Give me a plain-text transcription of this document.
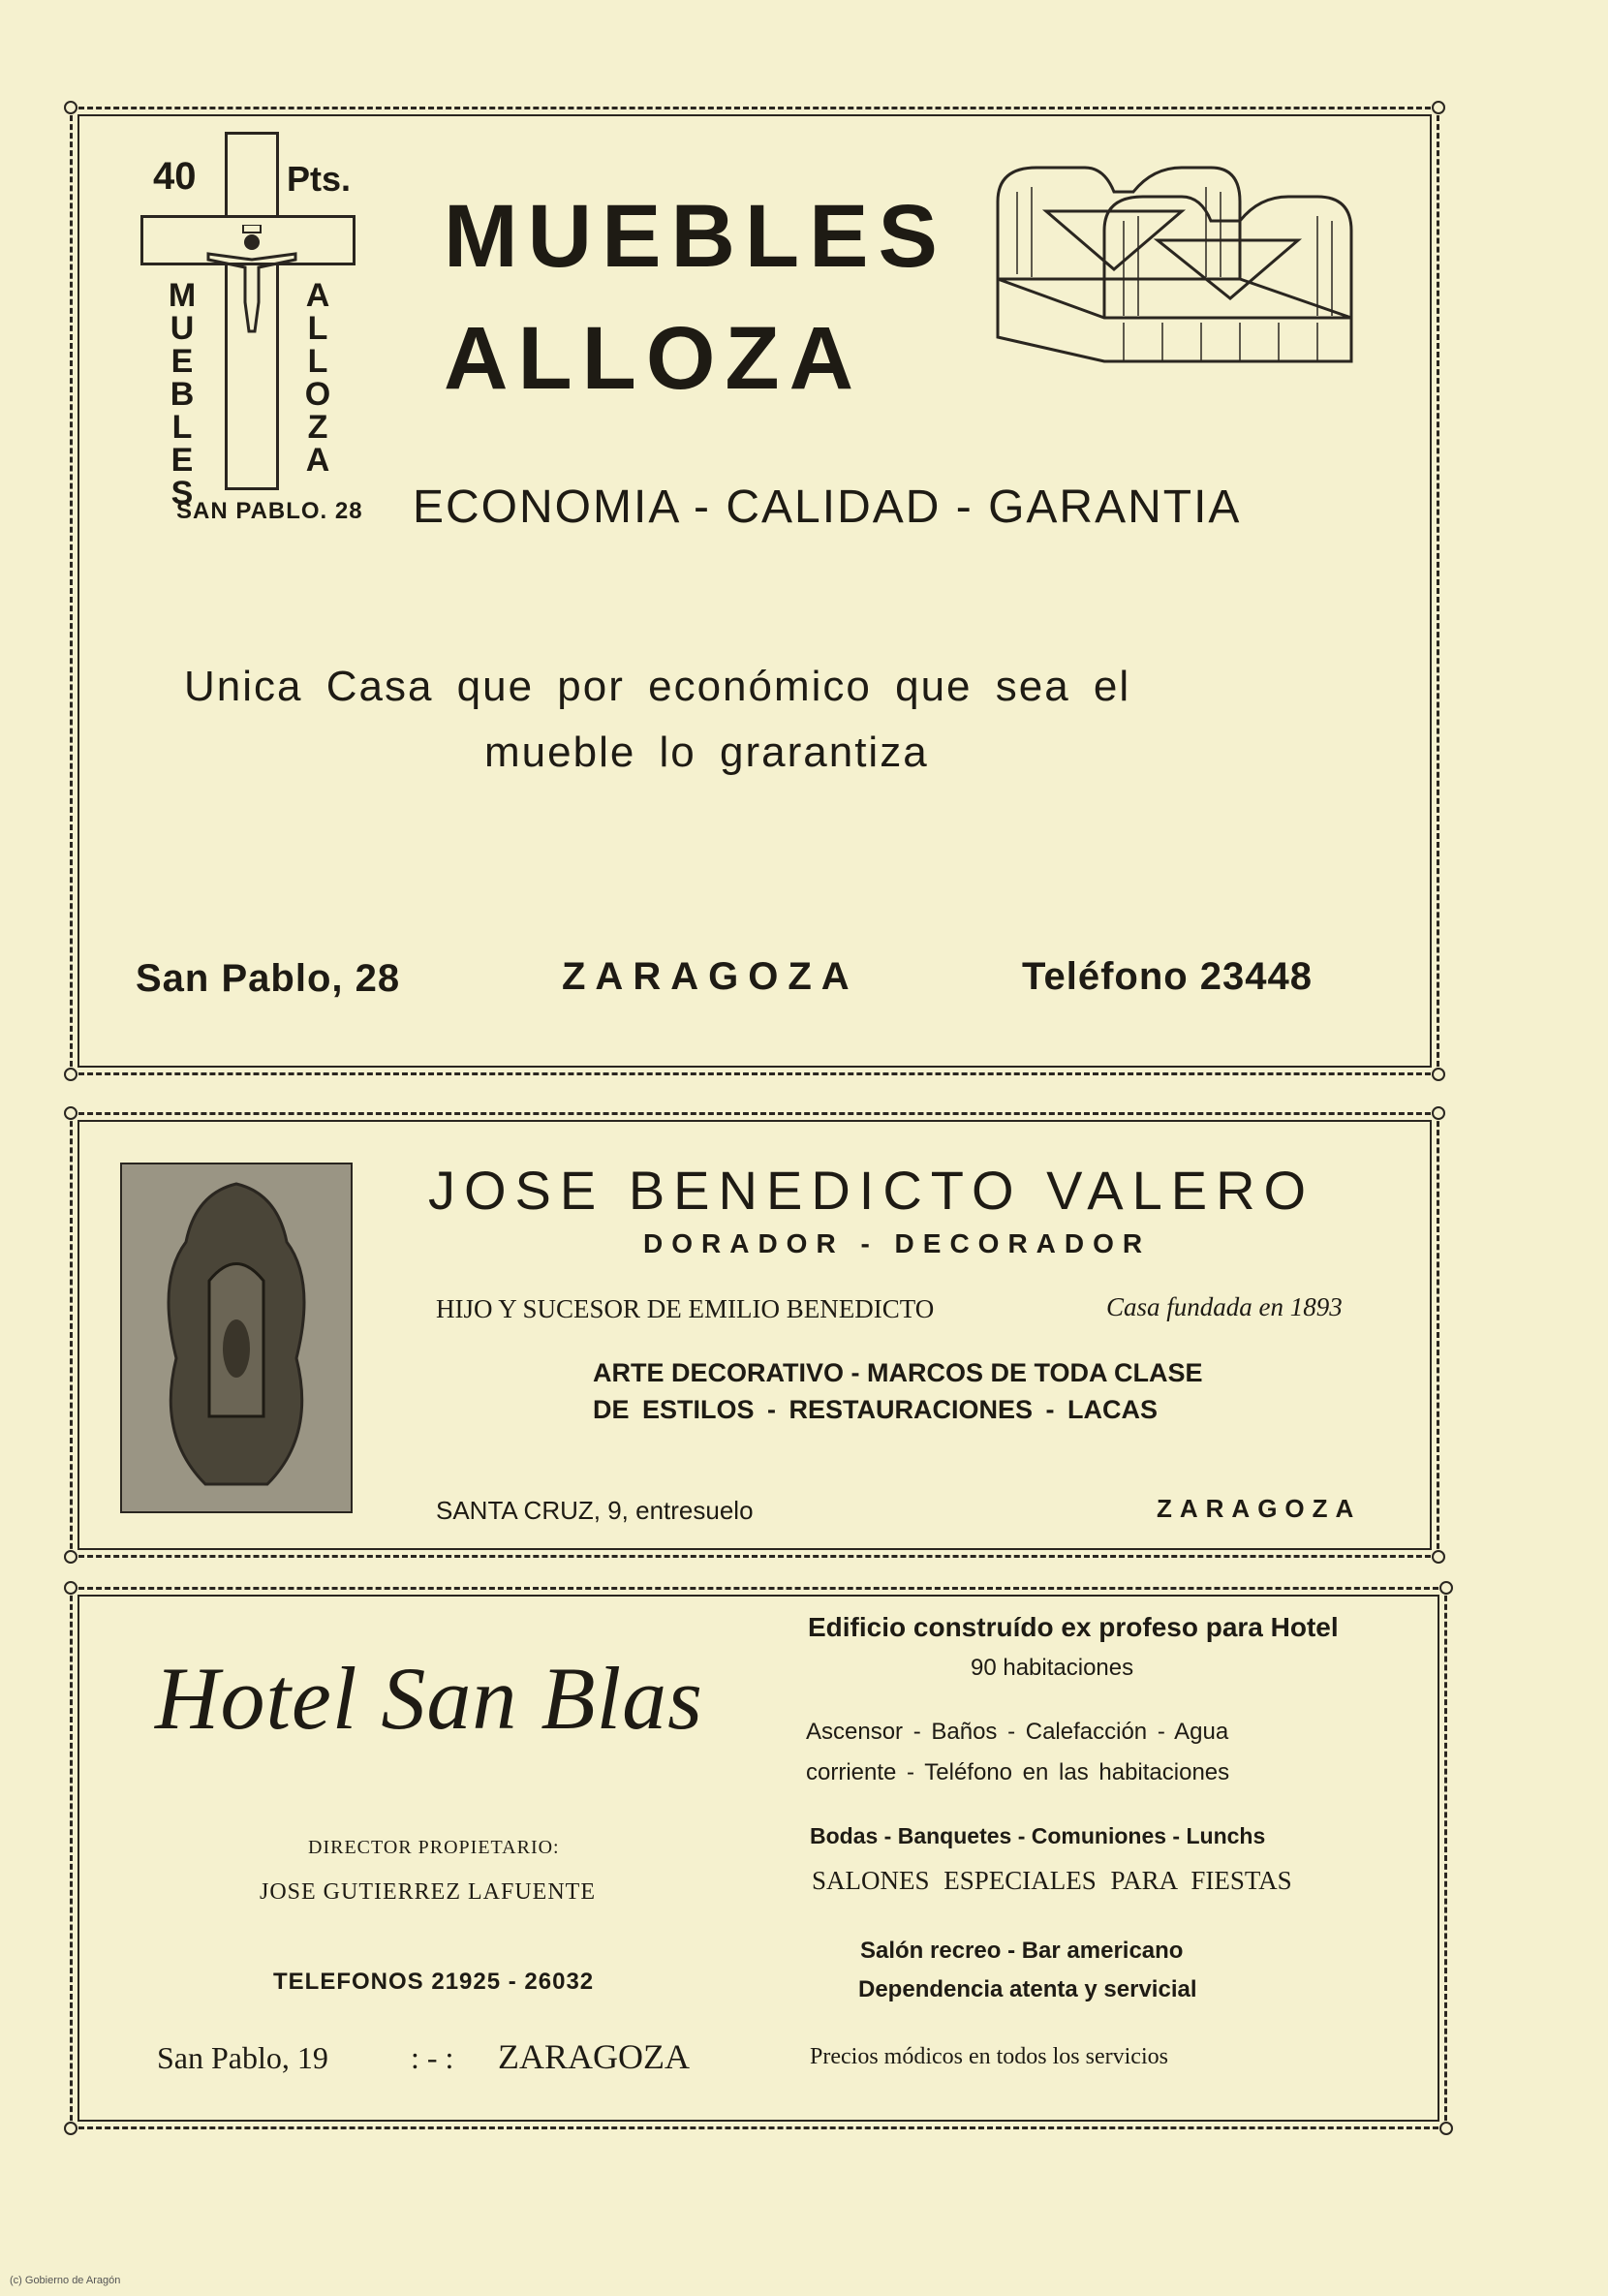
40	Pts.
MUEBLES
ALLOZA
SAN PABLO. 28
MUEBLES
ALLOZA
ECONOMIA - CALIDAD - GARANTIA
Unica Casa que por económico que sea el
mueble lo grarantiza
San Pablo, 28	ZARAGOZA	Teléfono 23448
JOSE BENEDICTO VALERO
DORADOR - DECORADOR
HIJO Y SUCESOR DE EMILIO BENEDICTO	Casa fundada en 1893
ARTE DECORATIVO - MARCOS DE TODA CLASE
DE ESTILOS - RESTAURACIONES - LACAS
SANTA CRUZ, 9, entresuelo	ZARAGOZA
Hotel San Blas
DIRECTOR PROPIETARIO:
JOSE GUTIERREZ LAFUENTE
TELEFONOS 21925 - 26032
San Pablo, 19	: - : ZARAGOZA
Edificio construído ex profeso para Hotel
90 habitaciones
Ascensor - Baños - Calefacción - Agua
corriente - Teléfono en las habitaciones
Bodas - Banquetes - Comuniones - Lunchs
SALONES ESPECIALES PARA FIESTAS
Salón recreo - Bar americano
Dependencia atenta y servicial
Precios módicos en todos los servicios
(c) Gobierno de Aragón
